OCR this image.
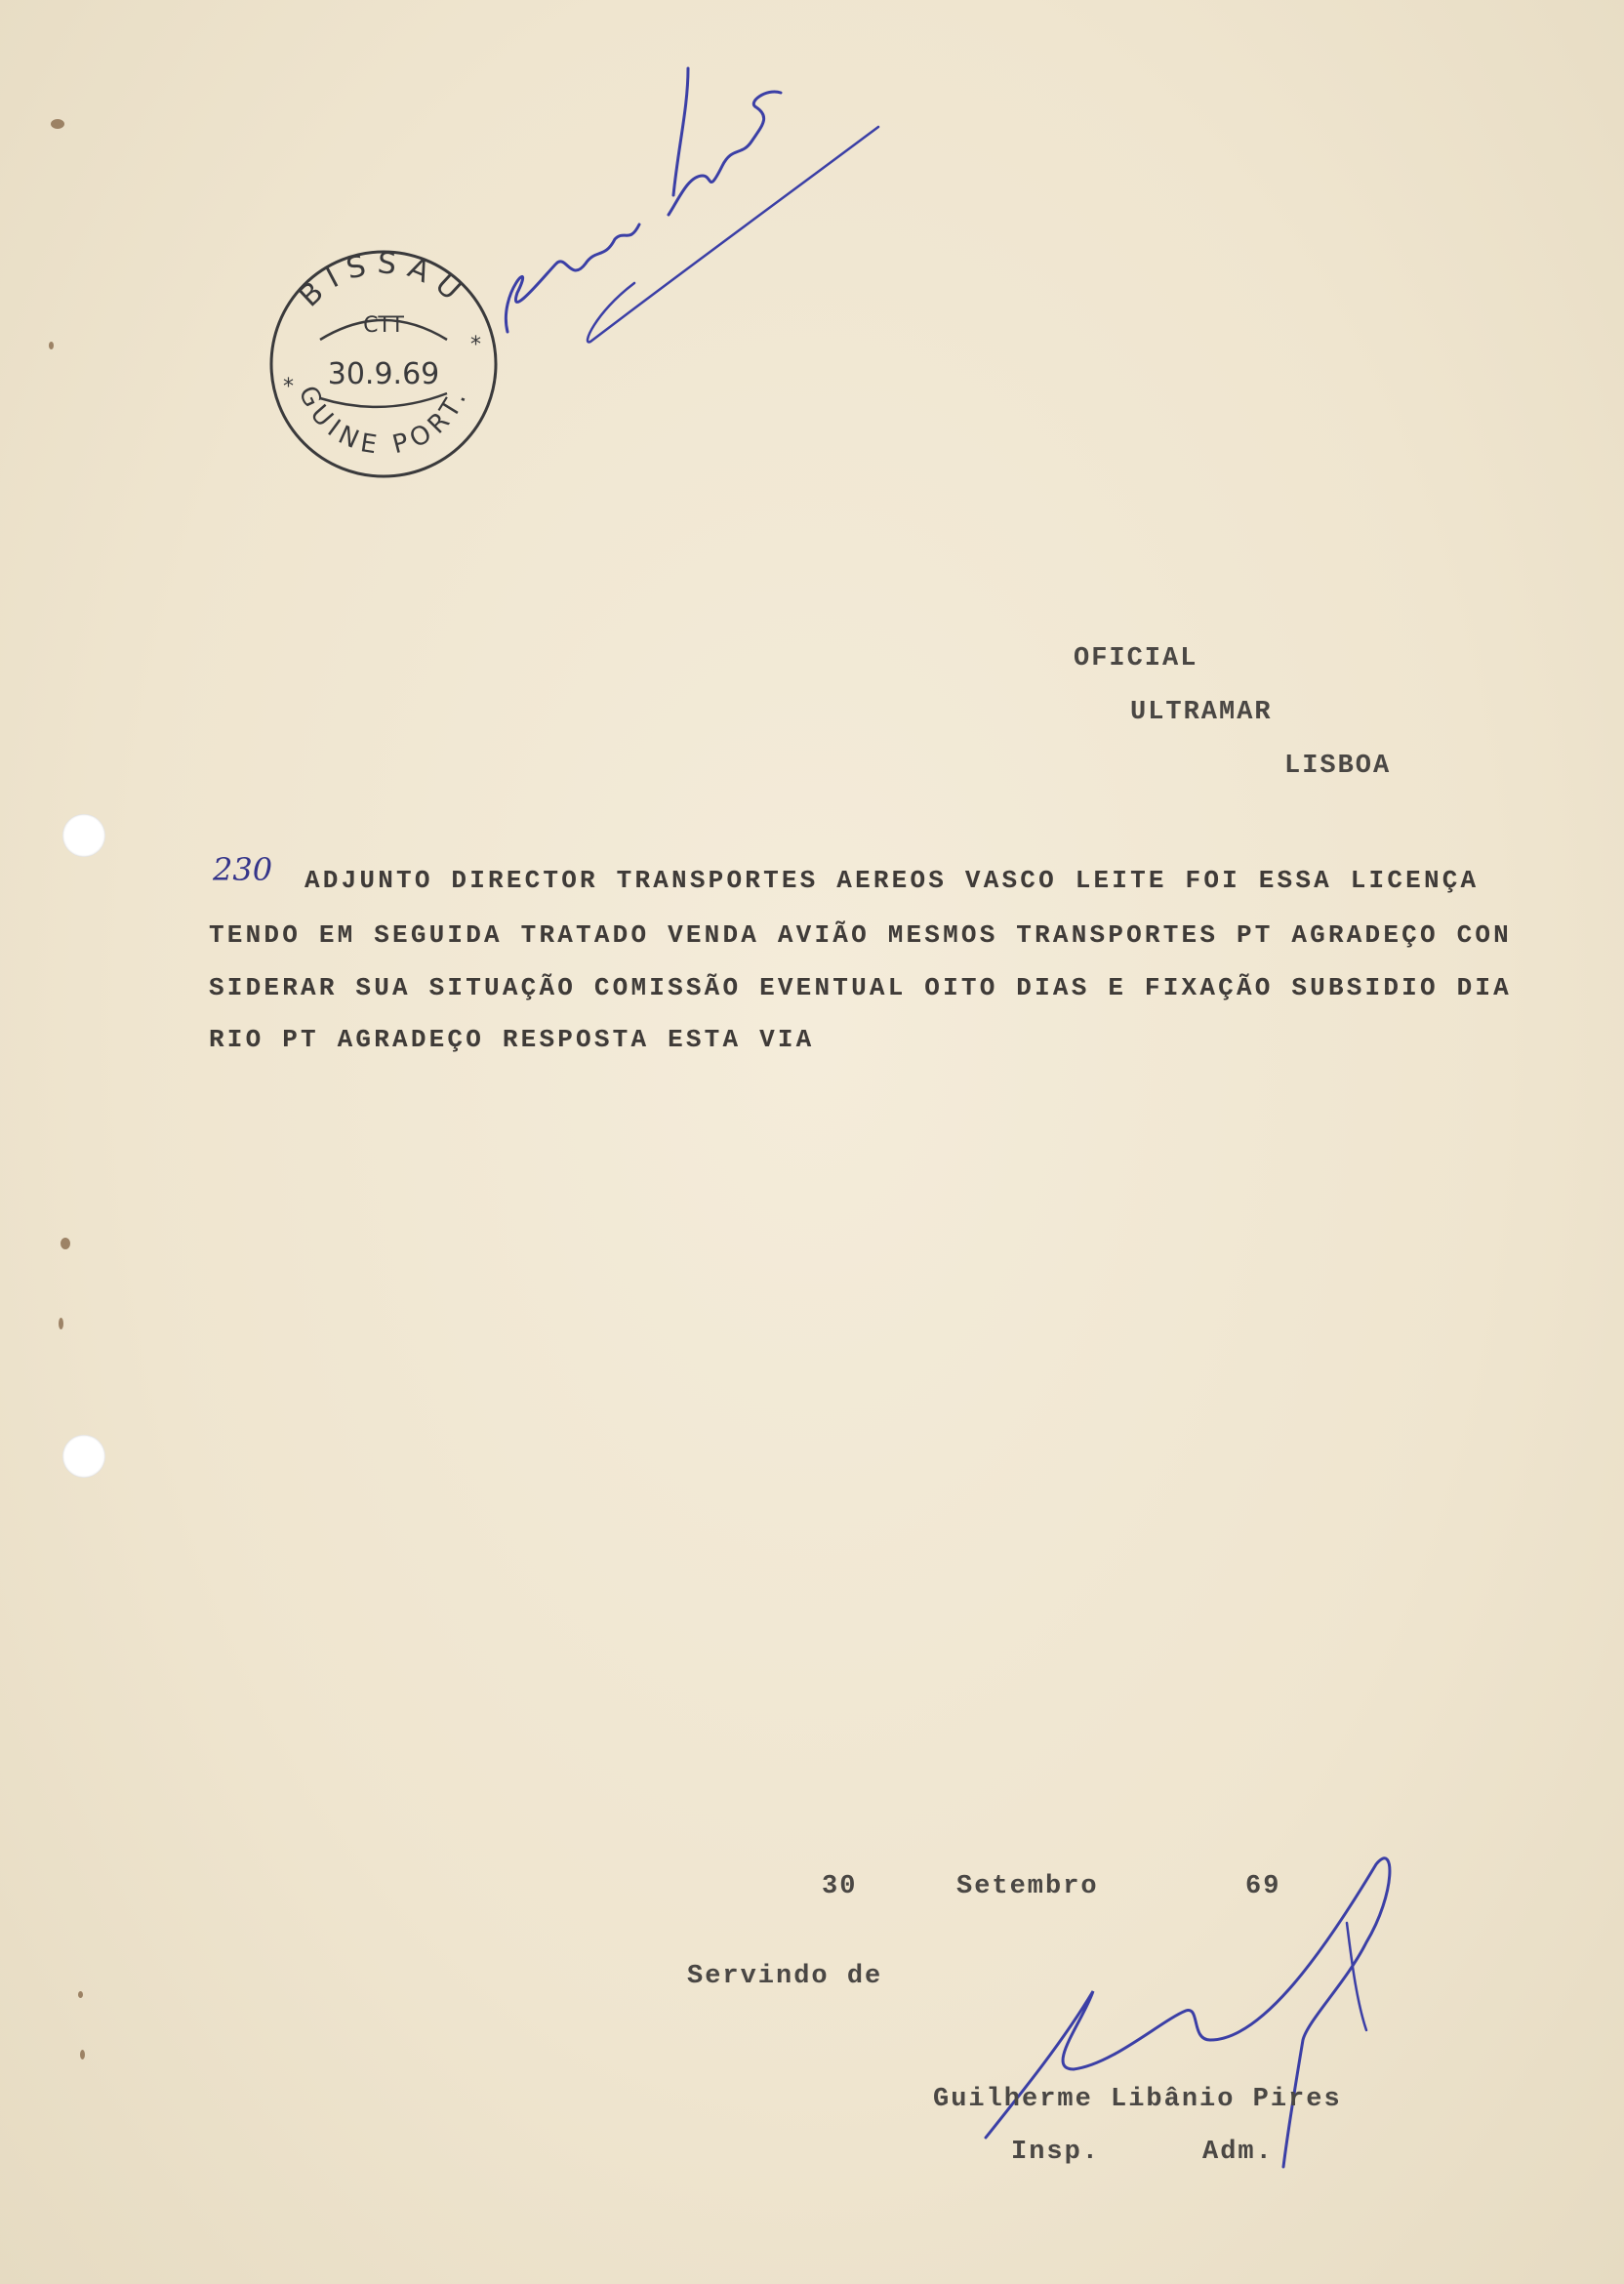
BISSAU
GUINE PORT.
CTT
30.9.69
*
*
OFICIAL
ULTRAMAR
LISBOA
230 ADJUNTO DIRECTOR TRANSPORTES AEREOS VASCO LEITE FOI ESSA LICENÇA
TENDO EM SEGUIDA TRATADO VENDA AVIÃO MESMOS TRANSPORTES PT AGRADEÇO CON
SIDERAR SUA SITUAÇÃO COMISSÃO EVENTUAL OITO DIAS E FIXAÇÃO SUBSIDIO DIA
RIO PT AGRADEÇO RESPOSTA ESTA VIA
30	Setembro	69
Servindo de
Guilherme Libânio Pires
Insp.	Adm.
